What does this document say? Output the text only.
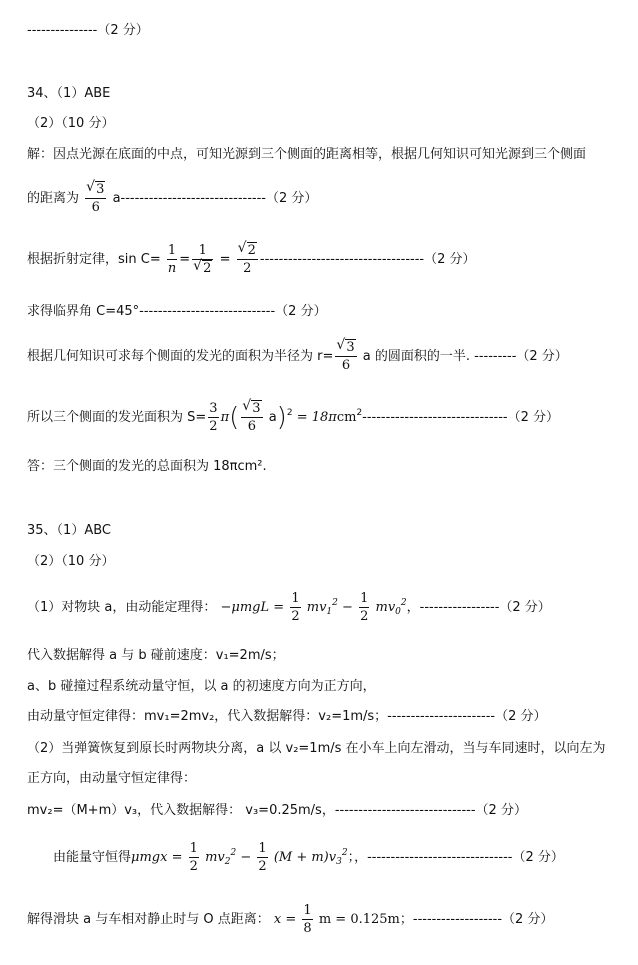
---------------（2 分）
34、（1）ABE
（2）（10 分）
解：因点光源在底面的中点，可知光源到三个侧面的距离相等，根据几何知识可知光源到三个侧面
的距离为 $\frac{√ 3}{6} a-------------------------------(2$ 分）
根据折射定律，$\sin C= \frac{1}{n} = \frac{1}{√ 2} = \frac{√ 2}{2} -----------------------------------(2$ 分）
求得临界角 C=45°-----------------------------（2 分）
根据几何知识可求每个侧面的发光的面积为半径为 $r= \frac{√ 3}{6}$ a 的圆面积的一半. ---------（2 分）
所以三个侧面的发光面积为 $S= \frac{3}{2} \pi( \frac{√ 3}{6} a)^2 = 18\pi cm^2-------------------------------(2$ 分）
答：三个侧面的发光的总面积为 18πcm².
35、（1）ABC
（2）（10 分）
（1）对物块 a，由动能定理得： $-\mu mgL = \frac{1}{2} mv_1^2 - \frac{1}{2} mv_0^2$，-----------------（2 分）
代入数据解得 a 与 b 碰前速度：v₁=2m/s；
a、b 碰撞过程系统动量守恒，以 a 的初速度方向为正方向，
由动量守恒定律得：mv₁=2mv₂，代入数据解得：v₂=1m/s；-----------------------（2 分）
（2）当弹簧恢复到原长时两物块分离，a 以 v₂=1m/s 在小车上向左滑动，当与车同速时，以向左为
正方向，由动量守恒定律得：
mv₂=（M+m）v₃，代入数据解得： v₃=0.25m/s，------------------------------（2 分）
由能量守恒得$\mu mgx = \frac{1}{2} mv_2^2 - \frac{1}{2} (M + m)v_3^2$；，-------------------------------（2 分）
解得滑块 a 与车相对静止时与 O 点距离： $x = \frac{1}{8}$ m = 0.125m；-------------------（2 分）
